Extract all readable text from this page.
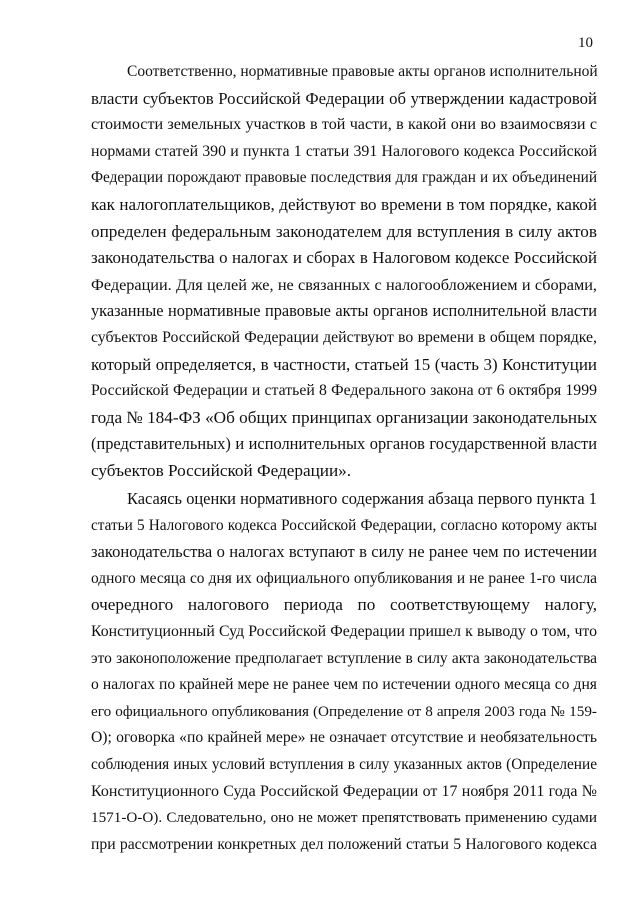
10
Соответственно, нормативные правовые акты органов исполнительной
власти субъектов Российской Федерации об утверждении кадастровой
стоимости земельных участков в той части, в какой они во взаимосвязи с
нормами статей 390 и пункта 1 статьи 391 Налогового кодекса Российской
Федерации порождают правовые последствия для граждан и их объединений
как налогоплательщиков, действуют во времени в том порядке, какой
определен федеральным законодателем для вступления в силу актов
законодательства о налогах и сборах в Налоговом кодексе Российской
Федерации. Для целей же, не связанных с налогообложением и сборами,
указанные нормативные правовые акты органов исполнительной власти
субъектов Российской Федерации действуют во времени в общем порядке,
который определяется, в частности, статьей 15 (часть 3) Конституции
Российской Федерации и статьей 8 Федерального закона от 6 октября 1999
года № 184-ФЗ «Об общих принципах организации законодательных
(представительных) и исполнительных органов государственной власти
субъектов Российской Федерации».
Касаясь оценки нормативного содержания абзаца первого пункта 1
статьи 5 Налогового кодекса Российской Федерации, согласно которому акты
законодательства о налогах вступают в силу не ранее чем по истечении
одного месяца со дня их официального опубликования и не ранее 1-го числа
очередного налогового периода по соответствующему налогу,
Конституционный Суд Российской Федерации пришел к выводу о том, что
это законоположение предполагает вступление в силу акта законодательства
о налогах по крайней мере не ранее чем по истечении одного месяца со дня
его официального опубликования (Определение от 8 апреля 2003 года № 159-
О); оговорка «по крайней мере» не означает отсутствие и необязательность
соблюдения иных условий вступления в силу указанных актов (Определение
Конституционного Суда Российской Федерации от 17 ноября 2011 года №
1571-О-О). Следовательно, оно не может препятствовать применению судами
при рассмотрении конкретных дел положений статьи 5 Налогового кодекса
